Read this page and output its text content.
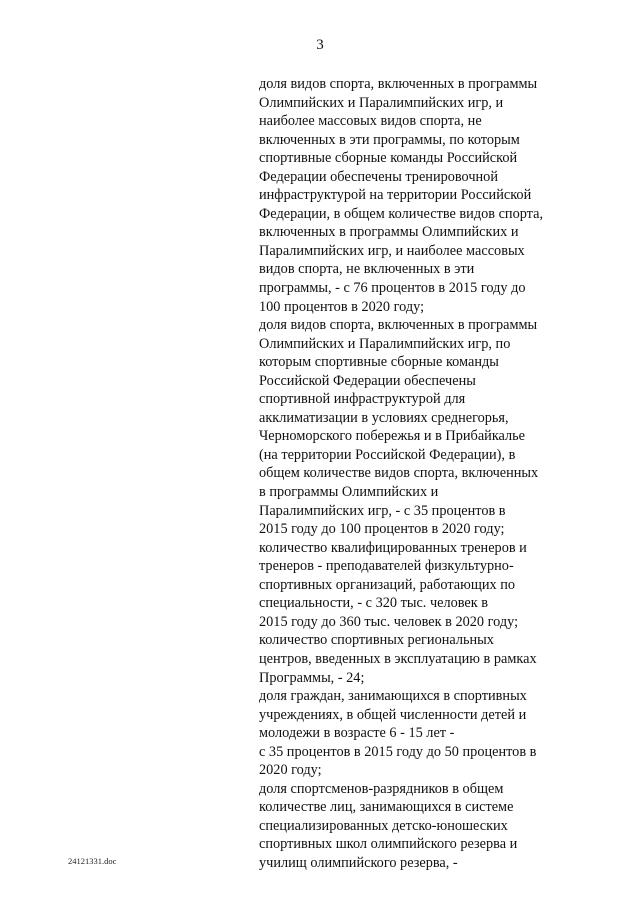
3
доля видов спорта, включенных в программы
Олимпийских и Паралимпийских игр, и
наиболее массовых видов спорта, не
включенных в эти программы, по которым
спортивные сборные команды Российской
Федерации обеспечены тренировочной
инфраструктурой на территории Российской
Федерации, в общем количестве видов спорта,
включенных в программы Олимпийских и
Паралимпийских игр, и наиболее массовых
видов спорта, не включенных в эти
программы, - с 76 процентов в 2015 году до
100 процентов в 2020 году;
доля видов спорта, включенных в программы
Олимпийских и Паралимпийских игр, по
которым спортивные сборные команды
Российской Федерации обеспечены
спортивной инфраструктурой для
акклиматизации в условиях среднегорья,
Черноморского побережья и в Прибайкалье
(на территории Российской Федерации), в
общем количестве видов спорта, включенных
в программы Олимпийских и
Паралимпийских игр, - с 35 процентов в
2015 году до 100 процентов в 2020 году;
количество квалифицированных тренеров и
тренеров - преподавателей физкультурно-
спортивных организаций, работающих по
специальности, - с 320 тыс. человек в
2015 году до 360 тыс. человек в 2020 году;
количество спортивных региональных
центров, введенных в эксплуатацию в рамках
Программы, - 24;
доля граждан, занимающихся в спортивных
учреждениях, в общей численности детей и
молодежи в возрасте 6 - 15 лет -
с 35 процентов в 2015 году до 50 процентов в
2020 году;
доля спортсменов-разрядников в общем
количестве лиц, занимающихся в системе
специализированных детско-юношеских
спортивных школ олимпийского резерва и
училищ олимпийского резерва, -
24121331.doc
